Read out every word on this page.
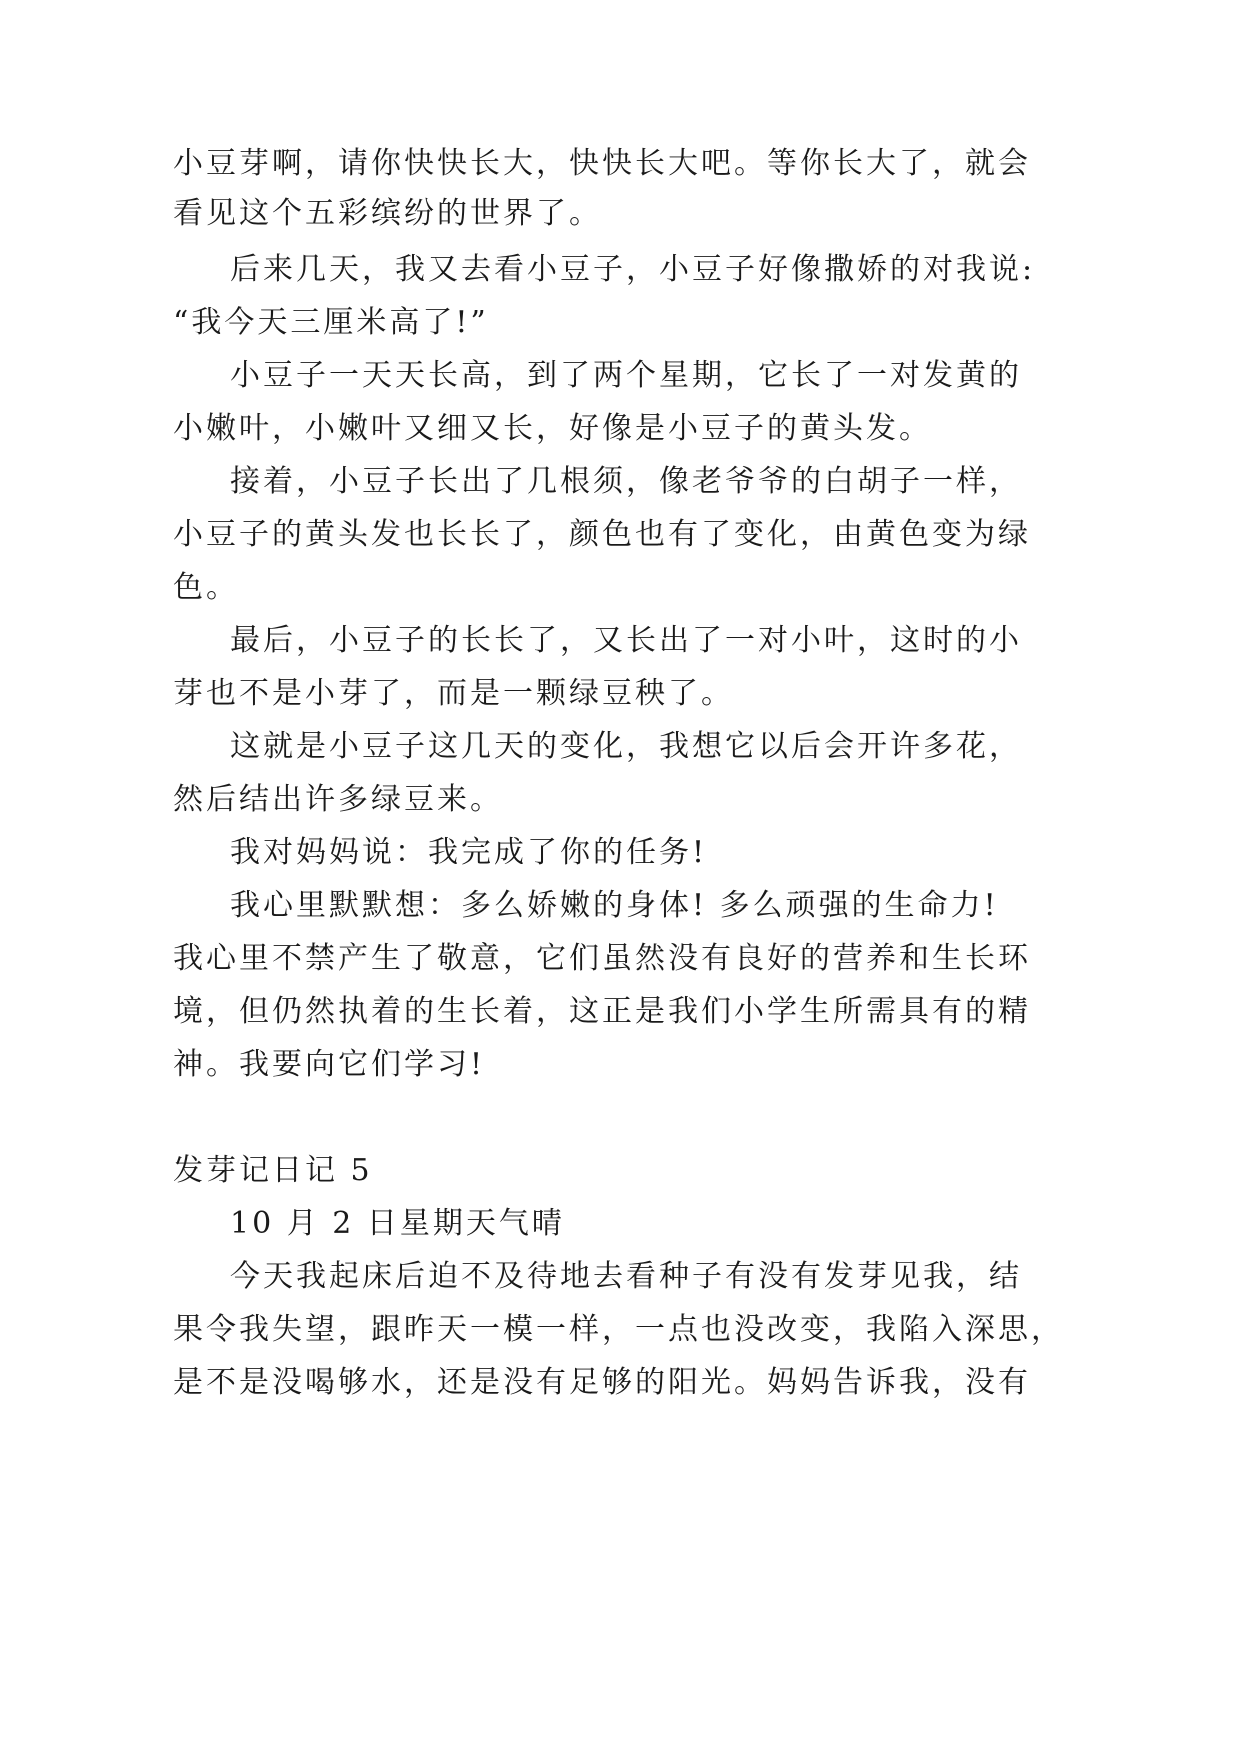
小豆芽啊，请你快快长大，快快长大吧。等你长大了，就会
看见这个五彩缤纷的世界了。
后来几天，我又去看小豆子，小豆子好像撒娇的对我说:
“我今天三厘米高了!”
小豆子一天天长高，到了两个星期，它长了一对发黄的
小嫩叶，小嫩叶又细又长，好像是小豆子的黄头发。
接着，小豆子长出了几根须，像老爷爷的白胡子一样，
小豆子的黄头发也长长了，颜色也有了变化，由黄色变为绿
色。
最后，小豆子的长长了，又长出了一对小叶，这时的小
芽也不是小芽了，而是一颗绿豆秧了。
这就是小豆子这几天的变化，我想它以后会开许多花，
然后结出许多绿豆来。
我对妈妈说：我完成了你的任务!
我心里默默想：多么娇嫩的身体! 多么顽强的生命力!
我心里不禁产生了敬意，它们虽然没有良好的营养和生长环
境，但仍然执着的生长着，这正是我们小学生所需具有的精
神。我要向它们学习!
发芽记日记 5
10 月 2 日星期天气晴
今天我起床后迫不及待地去看种子有没有发芽见我，结
果令我失望，跟昨天一模一样，一点也没改变，我陷入深思，
是不是没喝够水，还是没有足够的阳光。妈妈告诉我，没有
